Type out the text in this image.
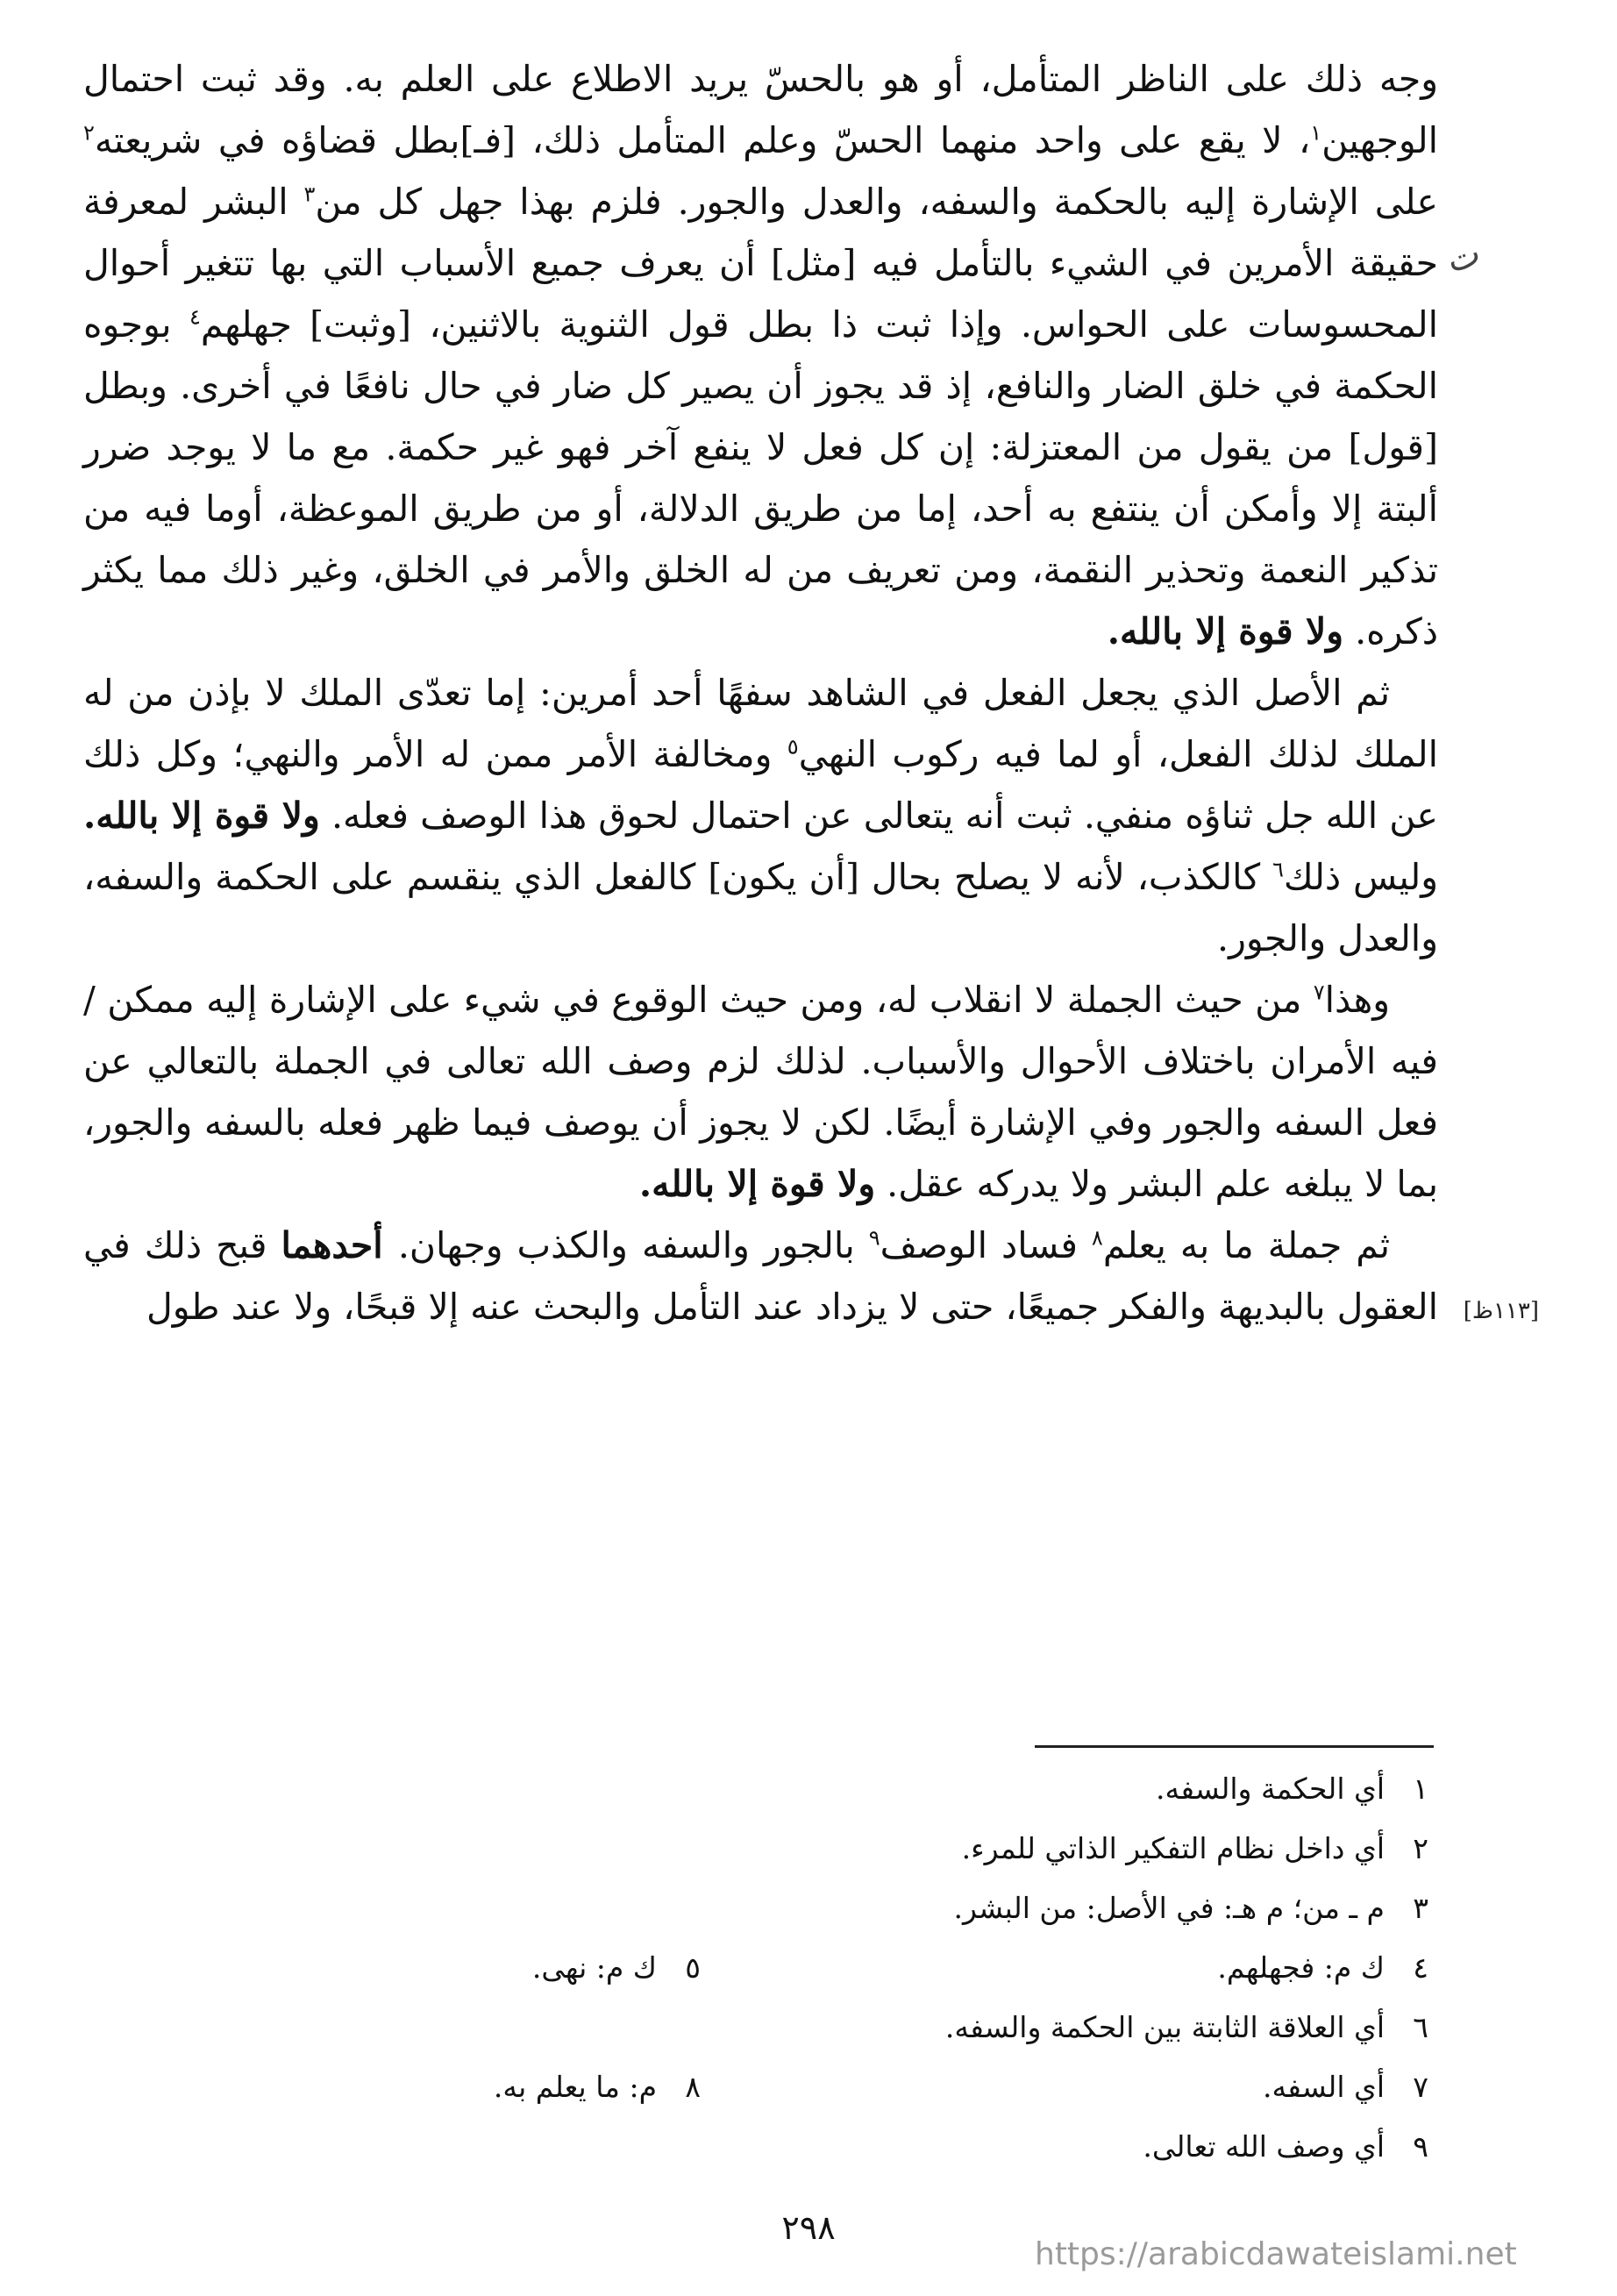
وجه ذلك على الناظر المتأمل، أو هو بالحسّ يريد الاطلاع على العلم به. وقد ثبت احتمال الوجهين$^١$، لا يقع على واحد منهما الحسّ وعلم المتأمل ذلك، [فـ]بطل قضاؤه في شريعته$^٢$ على الإشارة إليه بالحكمة والسفه، والعدل والجور. فلزم بهذا جهل كل من$^٣$ البشر لمعرفة حقيقة الأمرين في الشيء بالتأمل فيه [مثل] أن يعرف جميع الأسباب التي بها تتغير أحوال المحسوسات على الحواس. وإذا ثبت ذا بطل قول الثنوية بالاثنين، [وثبت] جهلهم$^٤$ بوجوه الحكمة في خلق الضار والنافع، إذ قد يجوز أن يصير كل ضار في حال نافعًا في أخرى. وبطل [قول] من يقول من المعتزلة: إن كل فعل لا ينفع آخر فهو غير حكمة. مع ما لا يوجد ضرر ألبتة إلا وأمكن أن ينتفع به أحد، إما من طريق الدلالة، أو من طريق الموعظة، أوما فيه من تذكير النعمة وتحذير النقمة، ومن تعريف من له الخلق والأمر في الخلق، وغير ذلك مما يكثر ذكره. ولا قوة إلا بالله.

ثم الأصل الذي يجعل الفعل في الشاهد سفهًا أحد أمرين: إما تعدّى الملك لا بإذن من له الملك لذلك الفعل، أو لما فيه ركوب النهي$^٥$ ومخالفة الأمر ممن له الأمر والنهي؛ وكل ذلك عن الله جل ثناؤه منفي. ثبت أنه يتعالى عن احتمال لحوق هذا الوصف فعله. ولا قوة إلا بالله. وليس ذلك$^٦$ كالكذب، لأنه لا يصلح بحال [أن يكون] كالفعل الذي ينقسم على الحكمة والسفه، والعدل والجور.

وهذا$^٧$ من حيث الجملة لا انقلاب له، ومن حيث الوقوع في شيء على الإشارة إليه ممكن / فيه الأمران باختلاف الأحوال والأسباب. لذلك لزم وصف الله تعالى في الجملة بالتعالي عن فعل السفه والجور وفي الإشارة أيضًا. لكن لا يجوز أن يوصف فيما ظهر فعله بالسفه والجور، بما لا يبلغه علم البشر ولا يدركه عقل. ولا قوة إلا بالله.

ثم جملة ما به يعلم$^٨$ فساد الوصف$^٩$ بالجور والسفه والكذب وجهان. أحدهما قبح ذلك في العقول بالبديهة والفكر جميعًا، حتى لا يزداد عند التأمل والبحث عنه إلا قبحًا، ولا عند طول

ت
[١١٣ظ]
١أي الحكمة والسفه.
٢أي داخل نظام التفكير الذاتي للمرء.
٣م ـ من؛ م هـ: في الأصل: من البشر.
٤ك م: فجهلهم.
٥ك م: نهى.
٦أي العلاقة الثابتة بين الحكمة والسفه.
٧أي السفه.
٨م: ما يعلم به.
٩أي وصف الله تعالى.
٢٩٨
https://arabicdawateislami.net
